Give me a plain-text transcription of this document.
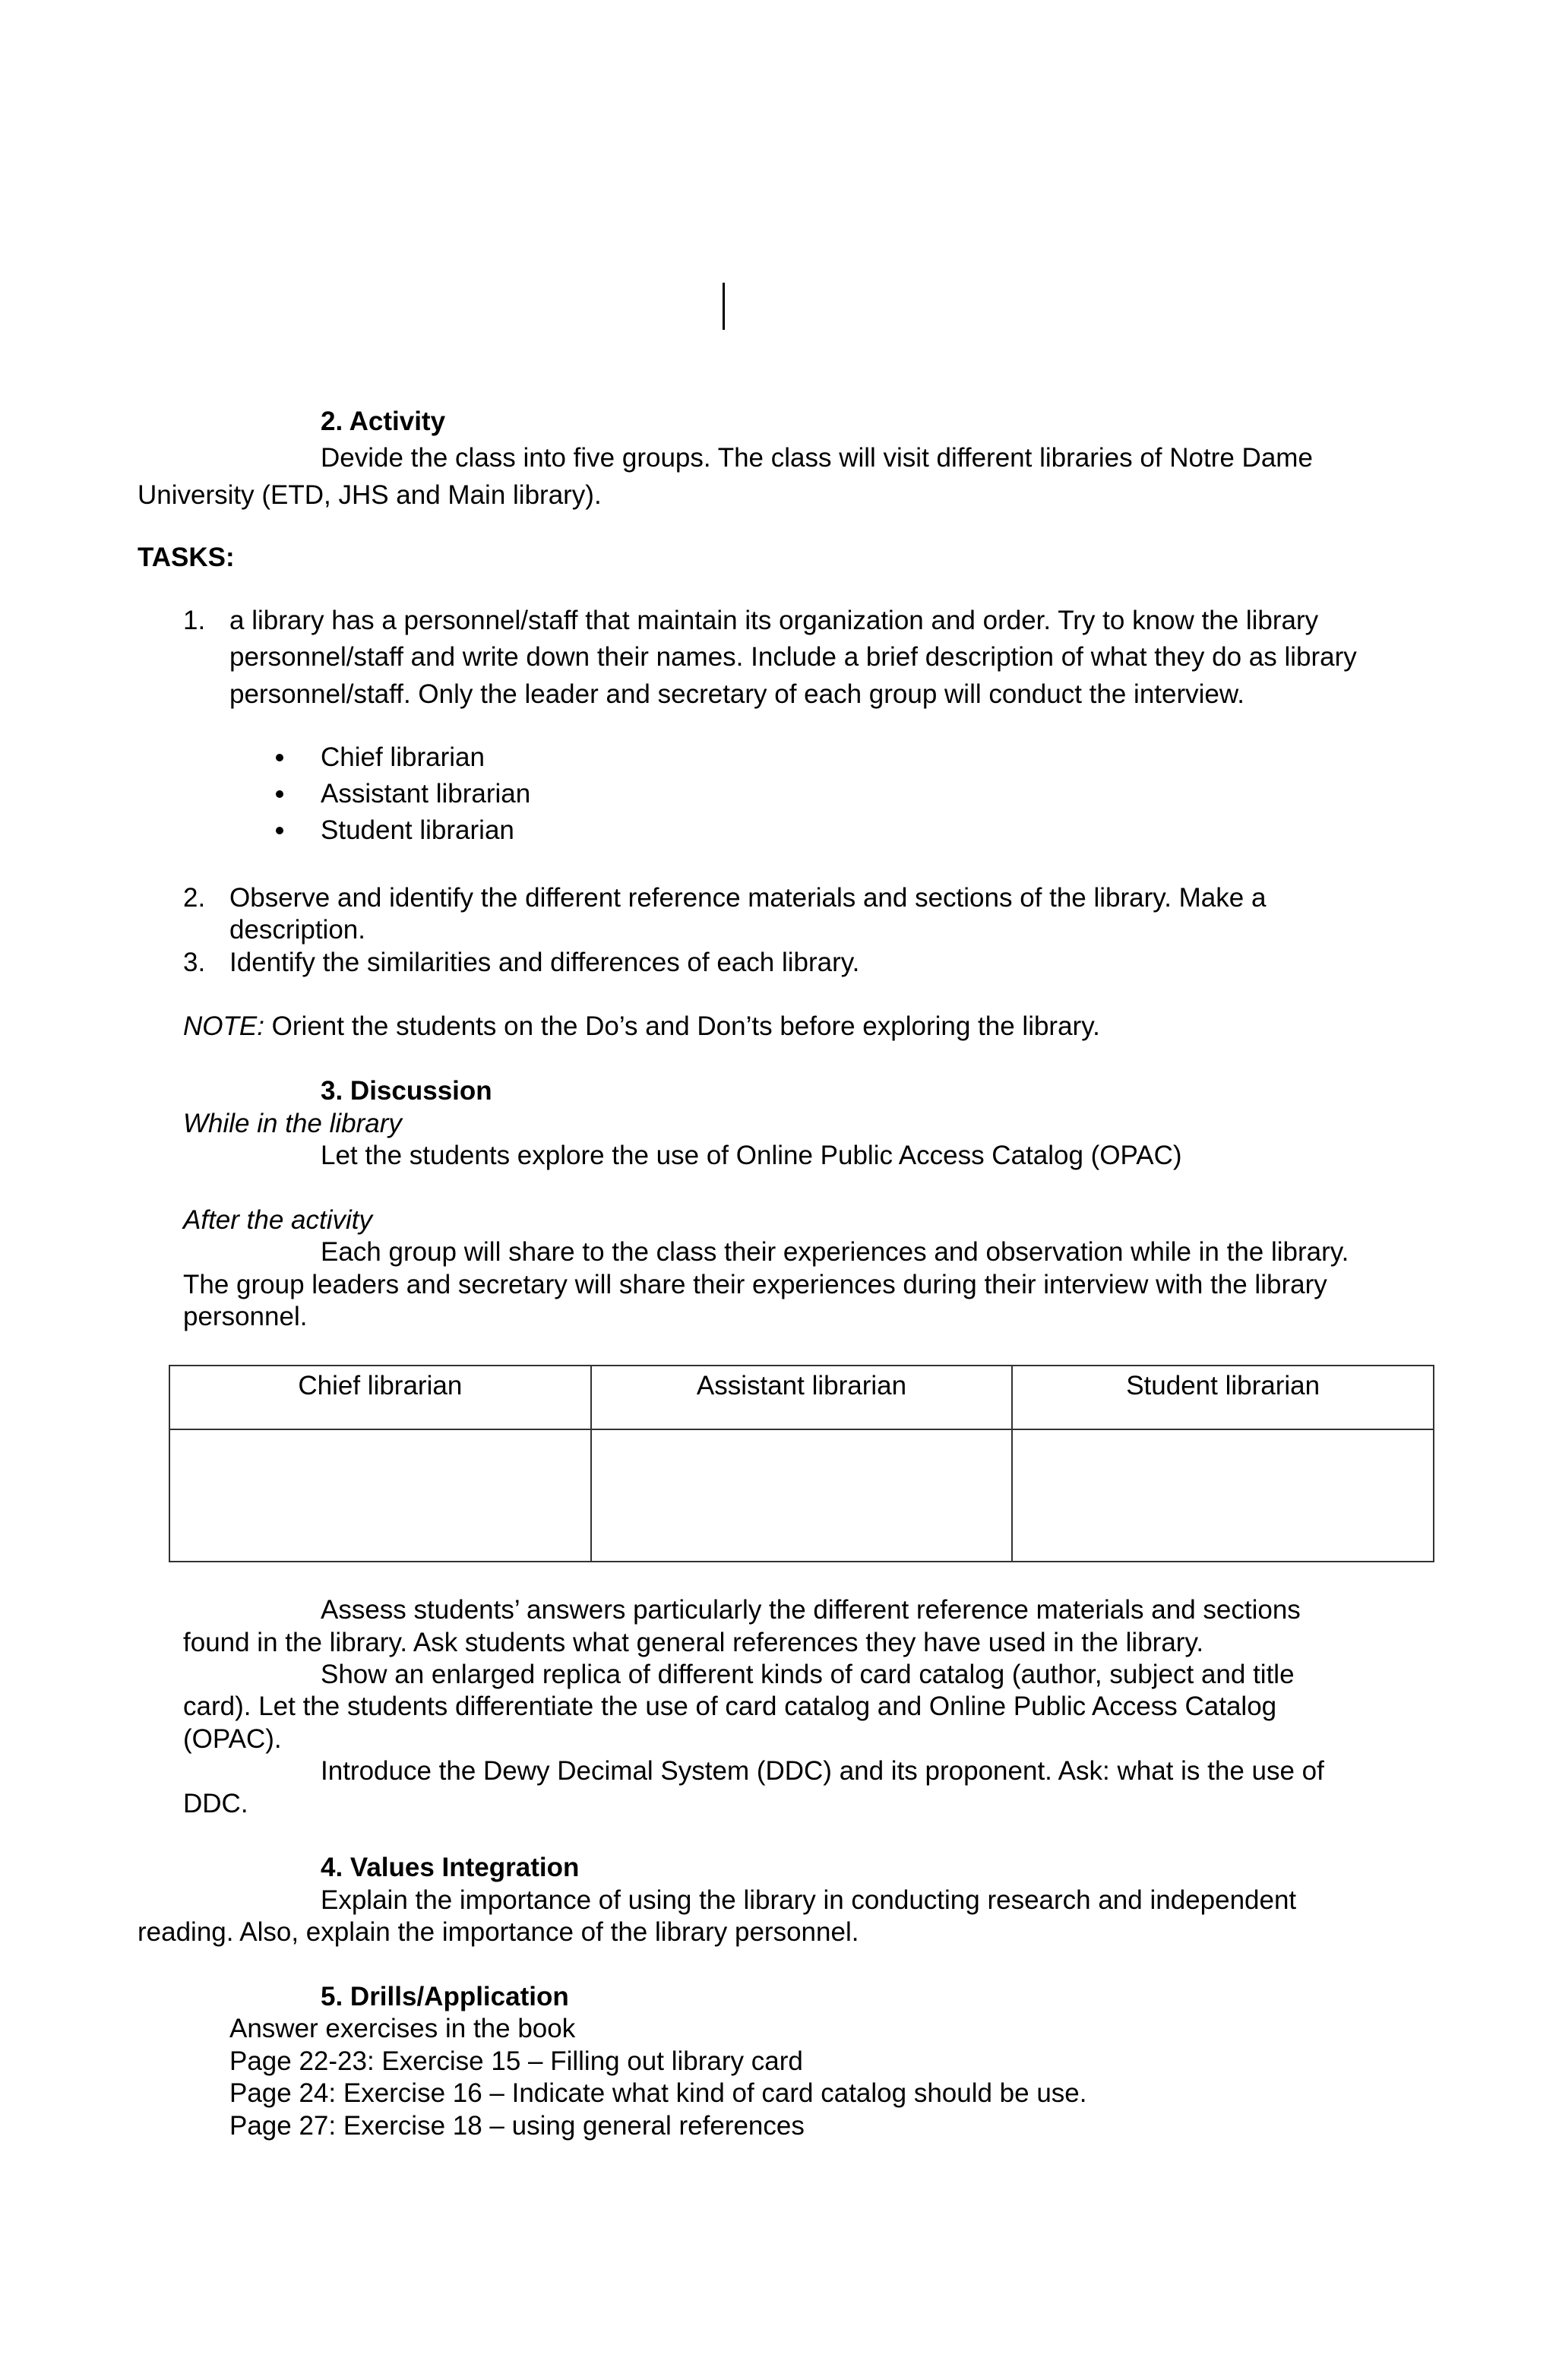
2. Activity
Devide the class into five groups. The class will visit different libraries of Notre Dame
University (ETD, JHS and Main library).
TASKS:
1. a library has a personnel/staff that maintain its organization and order. Try to know the library
personnel/staff and write down their names. Include a brief description of what they do as library
personnel/staff. Only the leader and secretary of each group will conduct the interview.
Chief librarian
Assistant librarian
Student librarian
2. Observe and identify the different reference materials and sections of the library. Make a
description.
3. Identify the similarities and differences of each library.
NOTE: Orient the students on the Do’s and Don’ts before exploring the library.
3. Discussion
While in the library
Let the students explore the use of Online Public Access Catalog (OPAC)
After the activity
Each group will share to the class their experiences and observation while in the library.
The group leaders and secretary will share their experiences during their interview with the library
personnel.
Chief librarian	Assistant librarian	Student librarian

Assess students’ answers particularly the different reference materials and sections
found in the library. Ask students what general references they have used in the library.
Show an enlarged replica of different kinds of card catalog (author, subject and title
card). Let the students differentiate the use of card catalog and Online Public Access Catalog
(OPAC).
Introduce the Dewy Decimal System (DDC) and its proponent. Ask: what is the use of
DDC.
4. Values Integration
Explain the importance of using the library in conducting research and independent
reading. Also, explain the importance of the library personnel.
5. Drills/Application
Answer exercises in the book
Page 22-23: Exercise 15 – Filling out library card
Page 24: Exercise 16 – Indicate what kind of card catalog should be use.
Page 27: Exercise 18 – using general references
